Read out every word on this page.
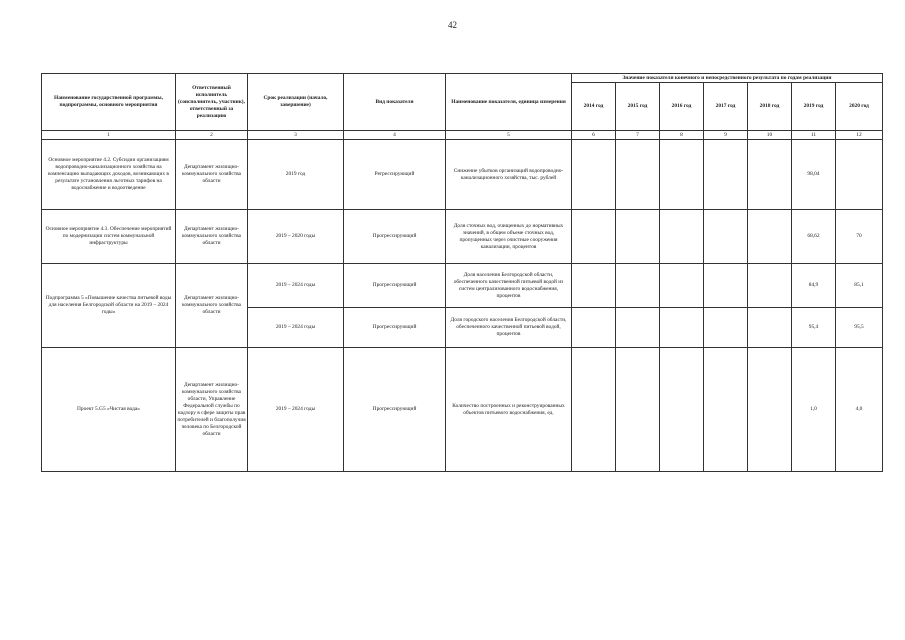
42
Наименование государственной программы, подпрограммы, основного мероприятия	Ответственный исполнитель (соисполнитель, участник), ответственный за реализацию	Срок реализации (начало, завершение)	Вид показателя	Наименование показателя, единица измерения	Значение показателя конечного и непосредственного результата по годам реализации						
					2014 год	2015 год	2016 год	2017 год	2018 год	2019 год	2020 год
1	2	3	4	5	6	7	8	9	10	11	12
Основное мероприятие 4.2. Субсидии организациям водопроводно-канализационного хозяйства на компенсацию выпадающих доходов, возникающих в результате установления льготных тарифов на водоснабжение и водоотведение	Департамент жилищно-коммунального хозяйства области	2019 год	Регрессирующий	Снижение убытков организаций водопроводно-канализационного хозяйства, тыс. рублей						98,04	
Основное мероприятие 4.3. Обеспечение мероприятий по модернизации систем коммунальной инфраструктуры	Департамент жилищно-коммунального хозяйства области	2019 – 2020 годы	Прогрессирующий	Доля сточных вод, очищенных до нормативных значений, в общем объеме сточных вод, пропущенных через очистные сооружения канализации, процентов						68,62	70
Подпрограмма 5 «Повышение качества питьевой воды для населения Белгородской области на 2019 – 2024 годы»	Департамент жилищно-коммунального хозяйства области	2019 – 2024 годы	Прогрессирующий	Доля населения Белгородской области, обеспеченного качественной питьевой водой из систем централизованного водоснабжения, процентов						84,9	85,1
		2019 – 2024 годы	Прогрессирующий	Доля городского населения Белгородской области, обеспеченного качественной питьевой водой, процентов						95,4	95,5
Проект 5.G5 «Чистая вода»	Департамент жилищно-коммунального хозяйства области, Управление Федеральной службы по надзору в сфере защиты прав потребителей и благополучия человека по Белгородской области	2019 – 2024 годы	Прогрессирующий	Количество построенных и реконструированных объектов питьевого водоснабжения, ед.						1,0	4,0
